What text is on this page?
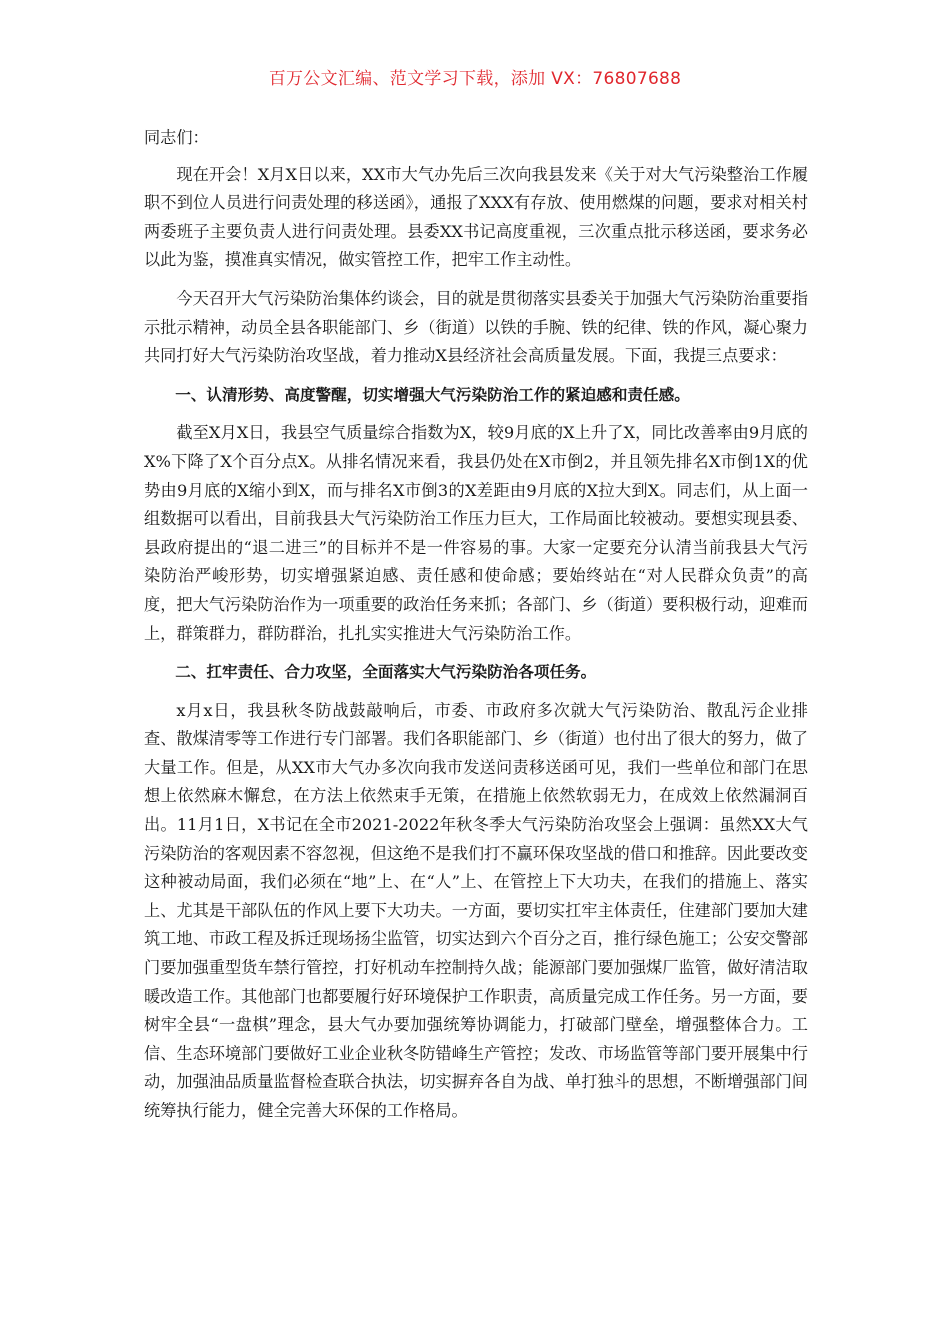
百万公文汇编、范文学习下载，添加 VX：76807688

同志们：

现在开会！X月X日以来，XX市大气办先后三次向我县发来《关于对大气污染整治工作履职不到位人员进行问责处理的移送函》，通报了XXX有存放、使用燃煤的问题，要求对相关村两委班子主要负责人进行问责处理。县委XX书记高度重视，三次重点批示移送函，要求务必以此为鉴，摸准真实情况，做实管控工作，把牢工作主动性。

今天召开大气污染防治集体约谈会，目的就是贯彻落实县委关于加强大气污染防治重要指示批示精神，动员全县各职能部门、乡（街道）以铁的手腕、铁的纪律、铁的作风，凝心聚力共同打好大气污染防治攻坚战，着力推动X县经济社会高质量发展。下面，我提三点要求：

一、认清形势、高度警醒，切实增强大气污染防治工作的紧迫感和责任感。

截至X月X日，我县空气质量综合指数为X，较9月底的X上升了X，同比改善率由9月底的X%下降了X个百分点X。从排名情况来看，我县仍处在X市倒2，并且领先排名X市倒1X的优势由9月底的X缩小到X，而与排名X市倒3的X差距由9月底的X拉大到X。同志们，从上面一组数据可以看出，目前我县大气污染防治工作压力巨大，工作局面比较被动。要想实现县委、县政府提出的“退二进三”的目标并不是一件容易的事。大家一定要充分认清当前我县大气污染防治严峻形势，切实增强紧迫感、责任感和使命感；要始终站在“对人民群众负责”的高度，把大气污染防治作为一项重要的政治任务来抓；各部门、乡（街道）要积极行动，迎难而上，群策群力，群防群治，扎扎实实推进大气污染防治工作。

二、扛牢责任、合力攻坚，全面落实大气污染防治各项任务。

x月x日，我县秋冬防战鼓敲响后，市委、市政府多次就大气污染防治、散乱污企业排查、散煤清零等工作进行专门部署。我们各职能部门、乡（街道）也付出了很大的努力，做了大量工作。但是，从XX市大气办多次向我市发送问责移送函可见，我们一些单位和部门在思想上依然麻木懈怠，在方法上依然束手无策，在措施上依然软弱无力，在成效上依然漏洞百出。11月1日，X书记在全市2021-2022年秋冬季大气污染防治攻坚会上强调：虽然XX大气污染防治的客观因素不容忽视，但这绝不是我们打不赢环保攻坚战的借口和推辞。因此要改变这种被动局面，我们必须在“地”上、在“人”上、在管控上下大功夫，在我们的措施上、落实上、尤其是干部队伍的作风上要下大功夫。一方面，要切实扛牢主体责任，住建部门要加大建筑工地、市政工程及拆迁现场扬尘监管，切实达到六个百分之百，推行绿色施工；公安交警部门要加强重型货车禁行管控，打好机动车控制持久战；能源部门要加强煤厂监管，做好清洁取暖改造工作。其他部门也都要履行好环境保护工作职责，高质量完成工作任务。另一方面，要树牢全县“一盘棋”理念，县大气办要加强统筹协调能力，打破部门壁垒，增强整体合力。工信、生态环境部门要做好工业企业秋冬防错峰生产管控；发改、市场监管等部门要开展集中行动，加强油品质量监督检查联合执法，切实摒弃各自为战、单打独斗的思想，不断增强部门间统筹执行能力，健全完善大环保的工作格局。
